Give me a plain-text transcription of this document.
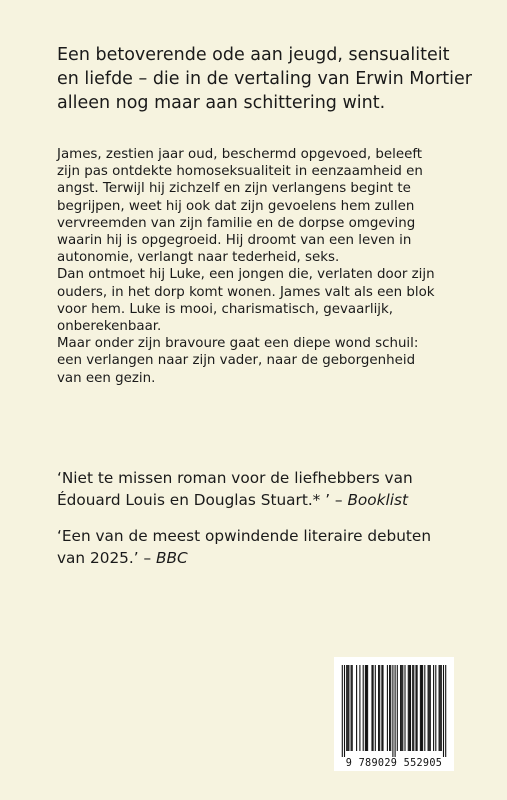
Een betoverende ode aan jeugd, sensualiteit
en liefde – die in de vertaling van Erwin Mortier
alleen nog maar aan schittering wint.

James, zestien jaar oud, beschermd opgevoed, beleeft
zijn pas ontdekte homoseksualiteit in eenzaamheid en
angst. Terwijl hij zichzelf en zijn verlangens begint te
begrijpen, weet hij ook dat zijn gevoelens hem zullen
vervreemden van zijn familie en de dorpse omgeving
waarin hij is opgegroeid. Hij droomt van een leven in
autonomie, verlangt naar tederheid, seks.
Dan ontmoet hij Luke, een jongen die, verlaten door zijn
ouders, in het dorp komt wonen. James valt als een blok
voor hem. Luke is mooi, charismatisch, gevaarlijk,
onberekenbaar.
Maar onder zijn bravoure gaat een diepe wond schuil:
een verlangen naar zijn vader, naar de geborgenheid
van een gezin.

‘Niet te missen roman voor de liefhebbers van
Édouard Louis en Douglas Stuart.* ’ – Booklist

‘Een van de meest opwindende literaire debuten
van 2025.’ – BBC

9 789029 552905
